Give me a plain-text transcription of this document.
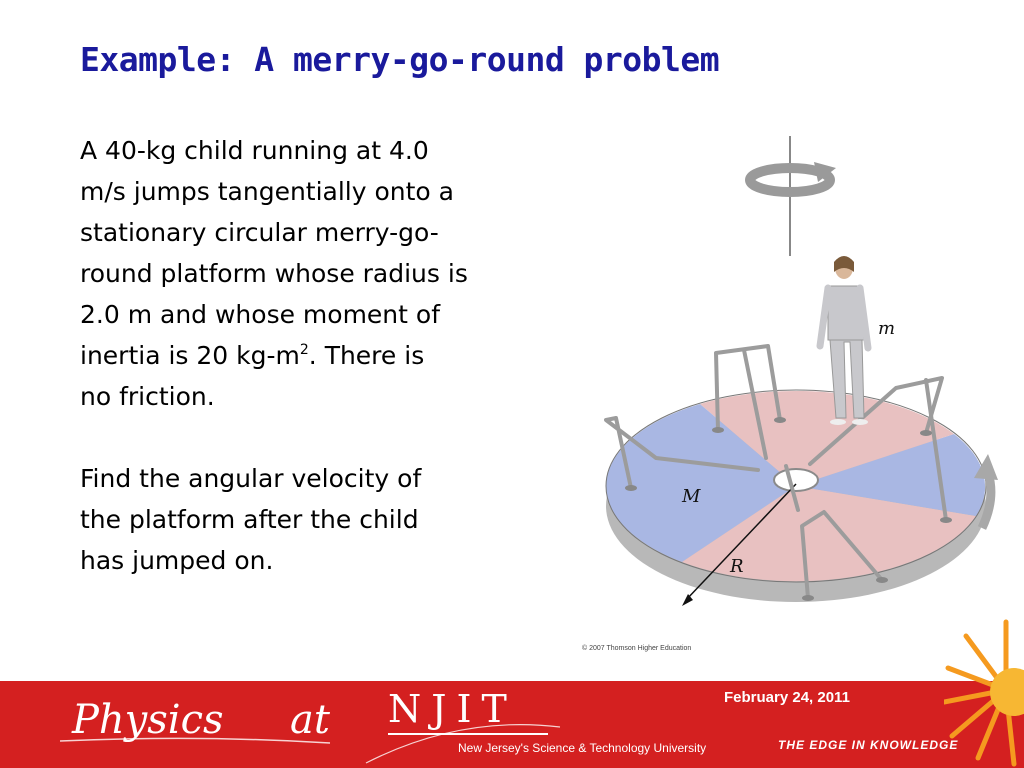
Example: A merry-go-round problem

A 40-kg child running at 4.0
m/s jumps tangentially onto a
stationary circular merry-go-
round platform whose radius is
2.0 m and whose moment of
inertia is 20 $kg-m^2$. There is
no friction.

Find the angular velocity of
the platform after the child
has jumped on.

m
M
R
© 2007 Thomson Higher Education
Physics at NJIT
New Jersey's Science & Technology University
February 24, 2011
THE EDGE IN KNOWLEDGE
